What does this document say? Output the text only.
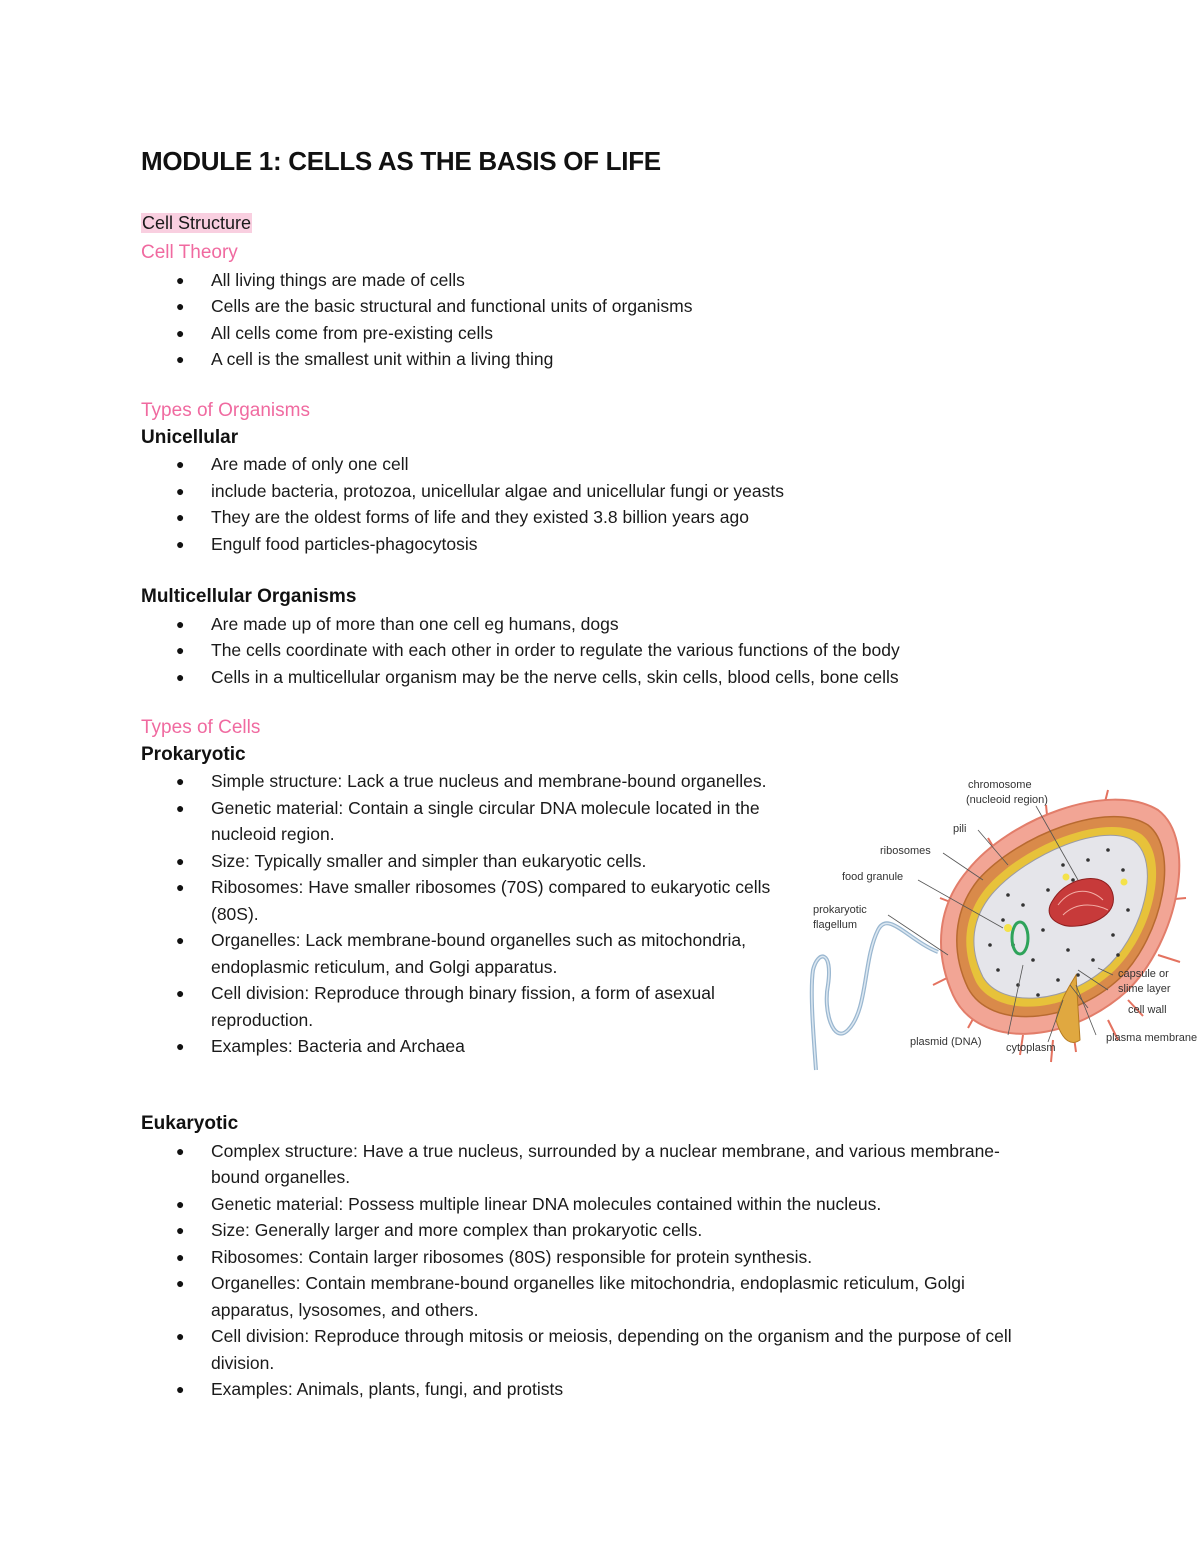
MODULE 1: CELLS AS THE BASIS OF LIFE
Cell Structure
Cell Theory
● All living things are made of cells
● Cells are the basic structural and functional units of organisms
● All cells come from pre-existing cells
● A cell is the smallest unit within a living thing
Types of Organisms
Unicellular
● Are made of only one cell
● include bacteria, protozoa, unicellular algae and unicellular fungi or yeasts
● They are the oldest forms of life and they existed 3.8 billion years ago
● Engulf food particles-phagocytosis
Multicellular Organisms
● Are made up of more than one cell eg humans, dogs
● The cells coordinate with each other in order to regulate the various functions of the body
● Cells in a multicellular organism may be the nerve cells, skin cells, blood cells, bone cells
Types of Cells
Prokaryotic
● Simple structure: Lack a true nucleus and membrane-bound organelles.
● Genetic material: Contain a single circular DNA molecule located in the nucleoid region.
● Size: Typically smaller and simpler than eukaryotic cells.
● Ribosomes: Have smaller ribosomes (70S) compared to eukaryotic cells (80S).
● Organelles: Lack membrane-bound organelles such as mitochondria, endoplasmic reticulum, and Golgi apparatus.
● Cell division: Reproduce through binary fission, a form of asexual reproduction.
● Examples: Bacteria and Archaea
Eukaryotic
● Complex structure: Have a true nucleus, surrounded by a nuclear membrane, and various membrane-bound organelles.
● Genetic material: Possess multiple linear DNA molecules contained within the nucleus.
● Size: Generally larger and more complex than prokaryotic cells.
● Ribosomes: Contain larger ribosomes (80S) responsible for protein synthesis.
● Organelles: Contain membrane-bound organelles like mitochondria, endoplasmic reticulum, Golgi apparatus, lysosomes, and others.
● Cell division: Reproduce through mitosis or meiosis, depending on the organism and the purpose of cell division.
● Examples: Animals, plants, fungi, and protists
chromosome
(nucleoid region)
pili
ribosomes
food granule
prokaryotic
flagellum
capsule or
slime layer
cell wall
plasma membrane
plasmid (DNA) cytoplasm
